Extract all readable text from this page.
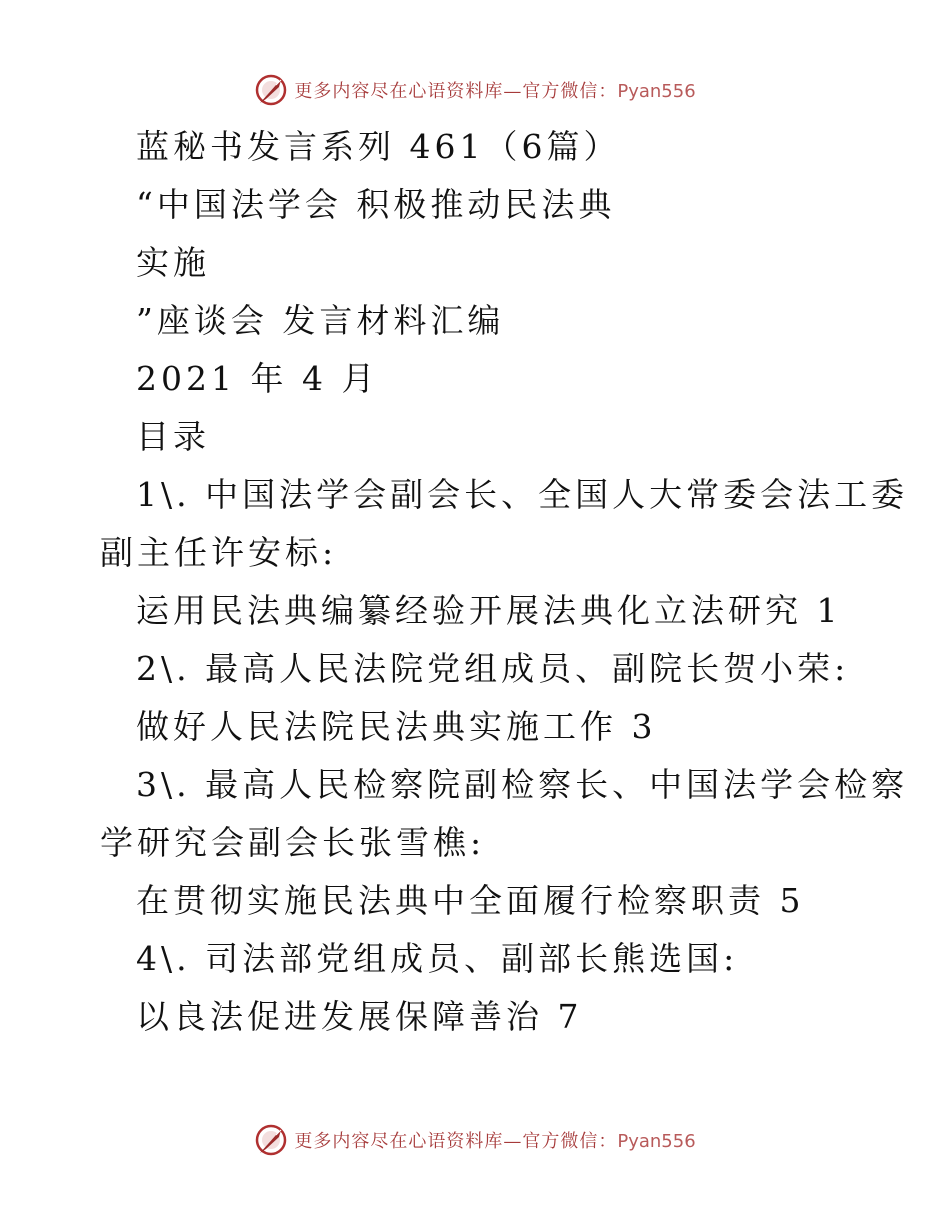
更多内容尽在心语资料库—官方微信：Pyan556
蓝秘书发言系列 461（6篇）
“中国法学会 积极推动民法典
实施
”座谈会 发言材料汇编
2021 年 4 月
目录
1\. 中国法学会副会长、全国人大常委会法工委
副主任许安标:
运用民法典编纂经验开展法典化立法研究 1
2\. 最高人民法院党组成员、副院长贺小荣:
做好人民法院民法典实施工作 3
3\. 最高人民检察院副检察长、中国法学会检察
学研究会副会长张雪樵:
在贯彻实施民法典中全面履行检察职责 5
4\. 司法部党组成员、副部长熊选国:
以良法促进发展保障善治 7
更多内容尽在心语资料库—官方微信：Pyan556
